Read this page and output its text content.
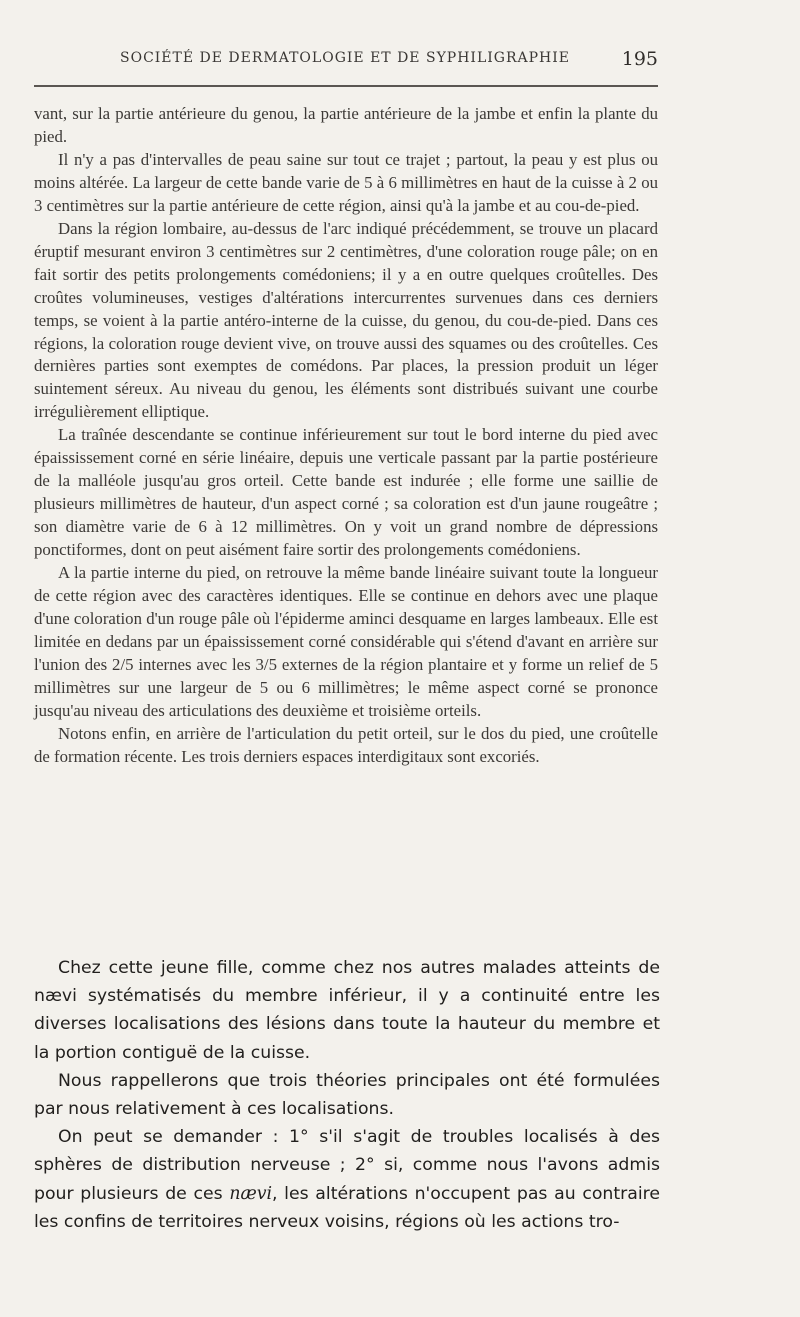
SOCIÉTÉ DE DERMATOLOGIE ET DE SYPHILIGRAPHIE	195

vant, sur la partie antérieure du genou, la partie antérieure de la jambe et enfin la plante du pied.

Il n'y a pas d'intervalles de peau saine sur tout ce trajet ; partout, la peau y est plus ou moins altérée. La largeur de cette bande varie de 5 à 6 millimètres en haut de la cuisse à 2 ou 3 centimètres sur la partie antérieure de cette région, ainsi qu'à la jambe et au cou-de-pied.

Dans la région lombaire, au-dessus de l'arc indiqué précédemment, se trouve un placard éruptif mesurant environ 3 centimètres sur 2 centimètres, d'une coloration rouge pâle; on en fait sortir des petits prolongements comédoniens; il y a en outre quelques croûtelles. Des croûtes volumineuses, vestiges d'altérations intercurrentes survenues dans ces derniers temps, se voient à la partie antéro-interne de la cuisse, du genou, du cou-de-pied. Dans ces régions, la coloration rouge devient vive, on trouve aussi des squames ou des croûtelles. Ces dernières parties sont exemptes de comédons. Par places, la pression produit un léger suintement séreux. Au niveau du genou, les éléments sont distribués suivant une courbe irrégulièrement elliptique.

La traînée descendante se continue inférieurement sur tout le bord interne du pied avec épaississement corné en série linéaire, depuis une verticale passant par la partie postérieure de la malléole jusqu'au gros orteil. Cette bande est indurée ; elle forme une saillie de plusieurs millimètres de hauteur, d'un aspect corné ; sa coloration est d'un jaune rougeâtre ; son diamètre varie de 6 à 12 millimètres. On y voit un grand nombre de dépressions ponctiformes, dont on peut aisément faire sortir des prolongements comédoniens.

A la partie interne du pied, on retrouve la même bande linéaire suivant toute la longueur de cette région avec des caractères identiques. Elle se continue en dehors avec une plaque d'une coloration d'un rouge pâle où l'épiderme aminci desquame en larges lambeaux. Elle est limitée en dedans par un épaississement corné considérable qui s'étend d'avant en arrière sur l'union des 2/5 internes avec les 3/5 externes de la région plantaire et y forme un relief de 5 millimètres sur une largeur de 5 ou 6 millimètres; le même aspect corné se prononce jusqu'au niveau des articulations des deuxième et troisième orteils.

Notons enfin, en arrière de l'articulation du petit orteil, sur le dos du pied, une croûtelle de formation récente. Les trois derniers espaces interdigitaux sont excoriés.

Chez cette jeune fille, comme chez nos autres malades atteints de nævi systématisés du membre inférieur, il y a continuité entre les diverses localisations des lésions dans toute la hauteur du membre et la portion contiguë de la cuisse.

Nous rappellerons que trois théories principales ont été formulées par nous relativement à ces localisations.

On peut se demander : 1° s'il s'agit de troubles localisés à des sphères de distribution nerveuse ; 2° si, comme nous l'avons admis pour plusieurs de ces nævi, les altérations n'occupent pas au contraire les confins de territoires nerveux voisins, régions où les actions tro-
